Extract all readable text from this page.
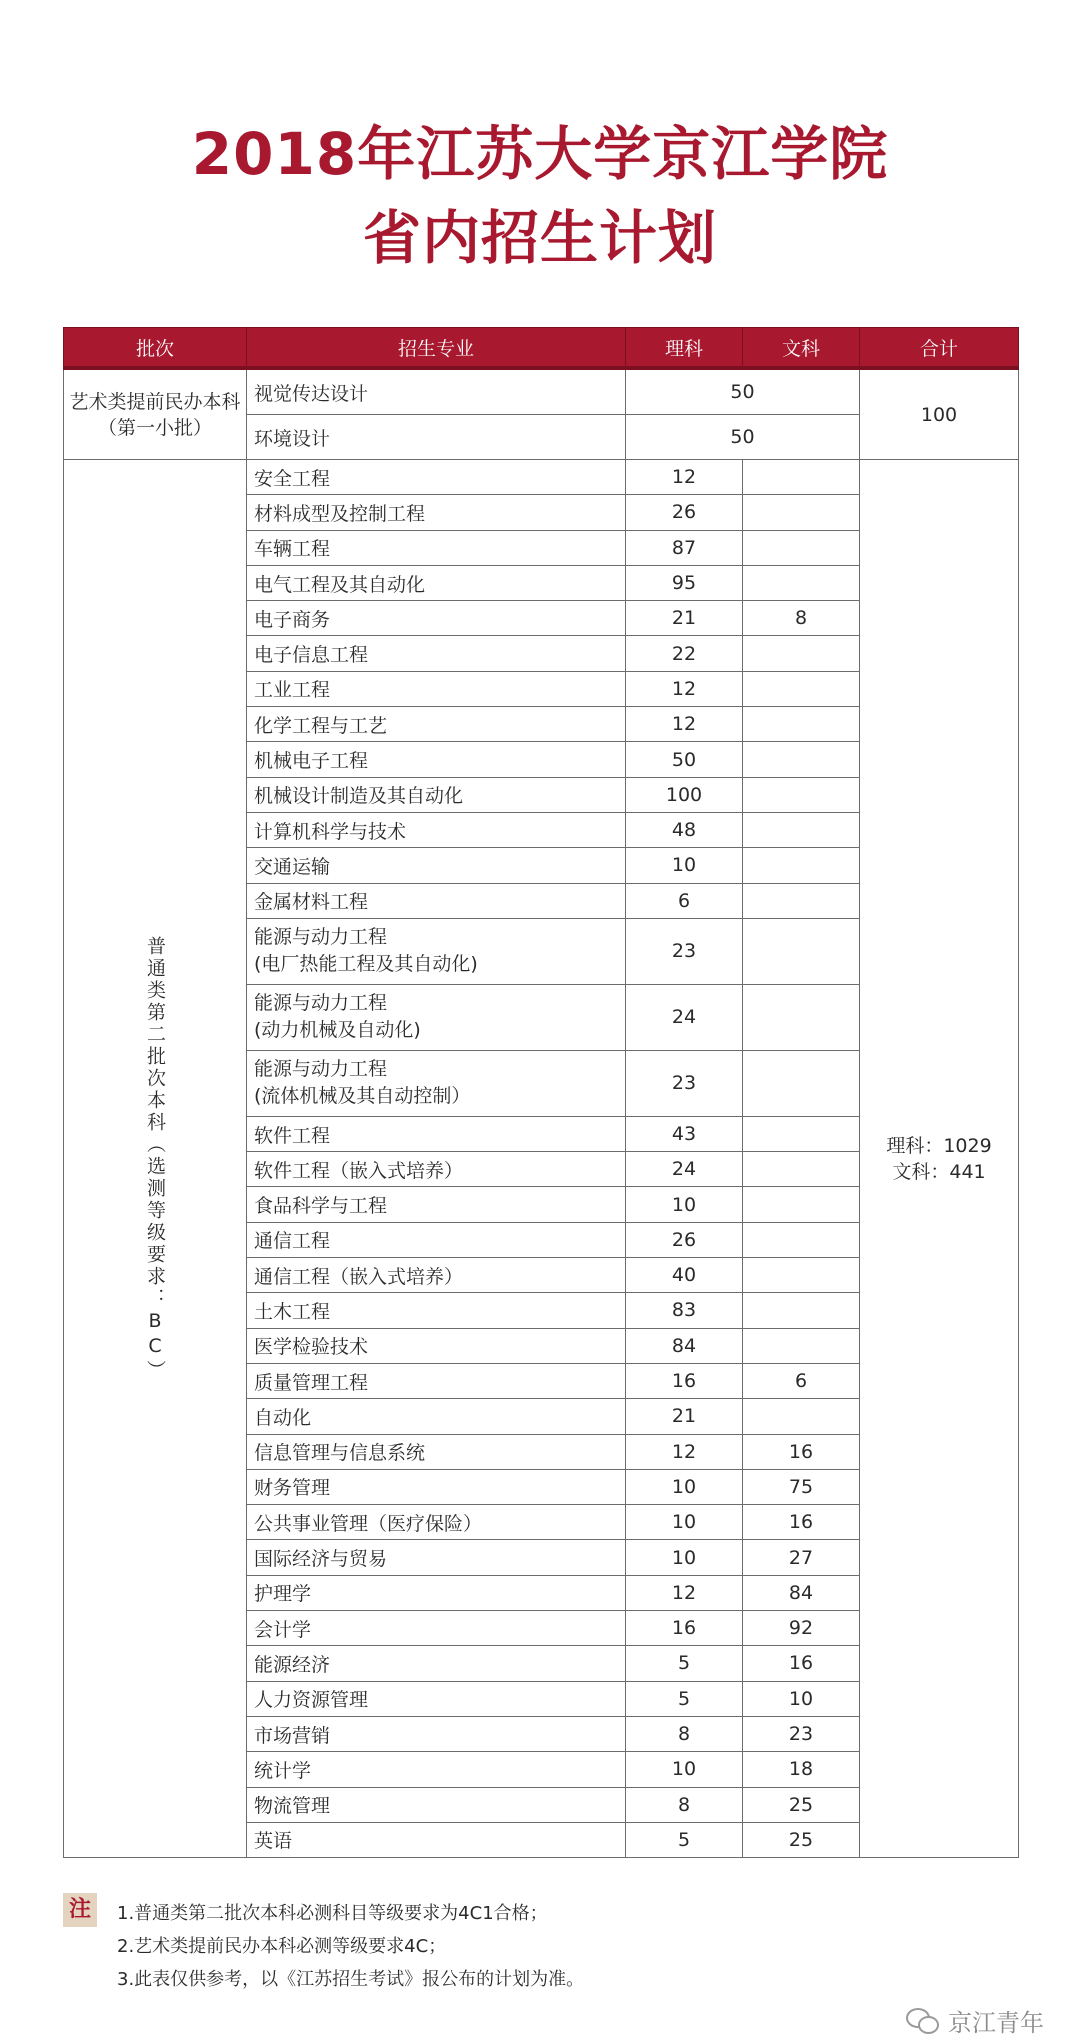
2018年江苏大学京江学院
省内招生计划
批次	招生专业	理科	文科	合计

艺术类提前民办本科
（第一小批）	视觉传达设计	50		100
	环境设计	50		

普通类第二批次本科（选测等级要求：BC）	安全工程	12		理科：1029
文科：441

	材料成型及控制工程	26		

	车辆工程	87		

	电气工程及其自动化	95		

	电子商务	21	8	

	电子信息工程	22		

	工业工程	12		

	化学工程与工艺	12		

	机械电子工程	50		

	机械设计制造及其自动化	100		

	计算机科学与技术	48		

	交通运输	10		

	金属材料工程	6		

	能源与动力工程
(电厂热能工程及其自动化)	23		

	能源与动力工程
(动力机械及自动化)	24		

	能源与动力工程
(流体机械及其自动控制）	23		

	软件工程	43		

	软件工程（嵌入式培养）	24		

	食品科学与工程	10		

	通信工程	26		

	通信工程（嵌入式培养）	40		

	土木工程	83		

	医学检验技术	84		

	质量管理工程	16	6	

	自动化	21		

	信息管理与信息系统	12	16	

	财务管理	10	75	

	公共事业管理（医疗保险）	10	16	

	国际经济与贸易	10	27	

	护理学	12	84	

	会计学	16	92	

	能源经济	5	16	

	人力资源管理	5	10	

	市场营销	8	23	

	统计学	10	18	

	物流管理	8	25	

	英语	5	25	
注	1.普通类第二批次本科必测科目等级要求为4C1合格；
2.艺术类提前民办本科必测等级要求4C；
3.此表仅供参考，以《江苏招生考试》报公布的计划为准。
京江青年
